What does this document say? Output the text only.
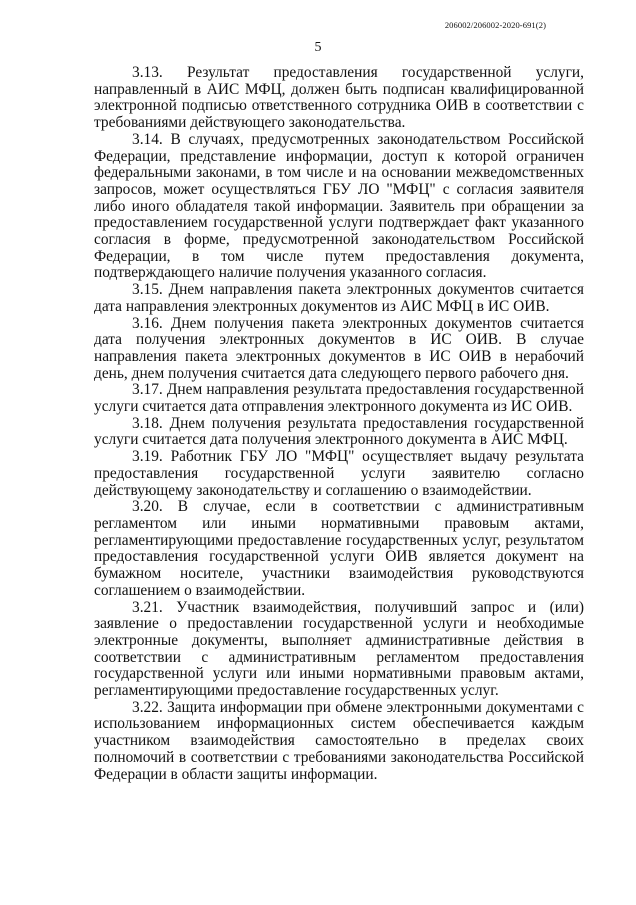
206002/206002-2020-691(2)
5

3.13. Результат предоставления государственной услуги, направленный в АИС МФЦ, должен быть подписан квалифицированной электронной подписью ответственного сотрудника ОИВ в соответствии с требованиями действующего законодательства.

3.14. В случаях, предусмотренных законодательством Российской Федерации, представление информации, доступ к которой ограничен федеральными законами, в том числе и на основании межведомственных запросов, может осуществляться ГБУ ЛО "МФЦ" с согласия заявителя либо иного обладателя такой информации. Заявитель при обращении за предоставлением государственной услуги подтверждает факт указанного согласия в форме, предусмотренной законодательством Российской Федерации, в том числе путем предоставления документа, подтверждающего наличие получения указанного согласия.

3.15. Днем направления пакета электронных документов считается дата направления электронных документов из АИС МФЦ в ИС ОИВ.

3.16. Днем получения пакета электронных документов считается дата получения электронных документов в ИС ОИВ. В случае направления пакета электронных документов в ИС ОИВ в нерабочий день, днем получения считается дата следующего первого рабочего дня.

3.17. Днем направления результата предоставления государственной услуги считается дата отправления электронного документа из ИС ОИВ.

3.18. Днем получения результата предоставления государственной услуги считается дата получения электронного документа в АИС МФЦ.

3.19. Работник ГБУ ЛО "МФЦ" осуществляет выдачу результата предоставления государственной услуги заявителю согласно действующему законодательству и соглашению о взаимодействии.

3.20. В случае, если в соответствии с административным регламентом или иными нормативными правовым актами, регламентирующими предоставление государственных услуг, результатом предоставления государственной услуги ОИВ является документ на бумажном носителе, участники взаимодействия руководствуются соглашением о взаимодействии.

3.21. Участник взаимодействия, получивший запрос и (или) заявление о предоставлении государственной услуги и необходимые электронные документы, выполняет административные действия в соответствии с административным регламентом предоставления государственной услуги или иными нормативными правовым актами, регламентирующими предоставление государственных услуг.

3.22. Защита информации при обмене электронными документами с использованием информационных систем обеспечивается каждым участником взаимодействия самостоятельно в пределах своих полномочий в соответствии с требованиями законодательства Российской Федерации в области защиты информации.
